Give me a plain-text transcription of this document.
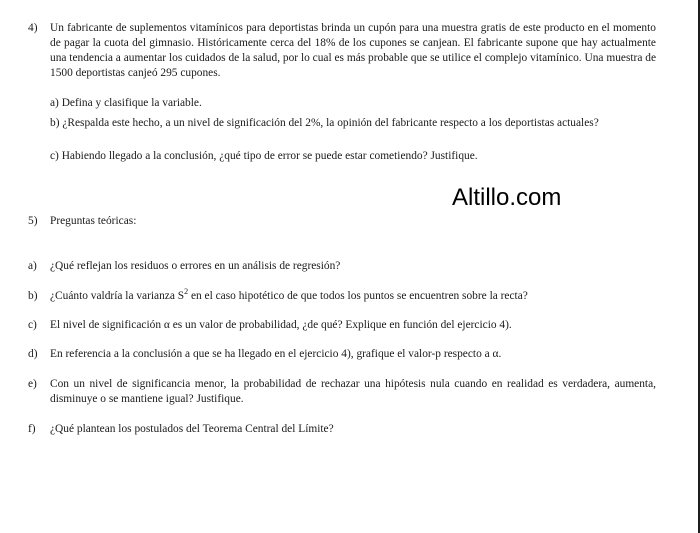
4) Un fabricante de suplementos vitamínicos para deportistas brinda un cupón para una muestra gratis de este producto en el momento de pagar la cuota del gimnasio. Históricamente cerca del 18% de los cupones se canjean. El fabricante supone que hay actualmente una tendencia a aumentar los cuidados de la salud, por lo cual es más probable que se utilice el complejo vitamínico. Una muestra de 1500 deportistas canjeó 295 cupones.
a) Defina y clasifique la variable.
b) ¿Respalda este hecho, a un nivel de significación del 2%, la opinión del fabricante respecto a los deportistas actuales?
c) Habiendo llegado a la conclusión, ¿qué tipo de error se puede estar cometiendo? Justifique.
Altillo.com
5) Preguntas teóricas:
a) ¿Qué reflejan los residuos o errores en un análisis de regresión?
b) ¿Cuánto valdría la varianza $S^2$ en el caso hipotético de que todos los puntos se encuentren sobre la recta?
c) El nivel de significación α es un valor de probabilidad, ¿de qué? Explique en función del ejercicio 4).
d) En referencia a la conclusión a que se ha llegado en el ejercicio 4), grafique el valor-p respecto a α.
e) Con un nivel de significancia menor, la probabilidad de rechazar una hipótesis nula cuando en realidad es verdadera, aumenta, disminuye o se mantiene igual? Justifique.
f) ¿Qué plantean los postulados del Teorema Central del Límite?
